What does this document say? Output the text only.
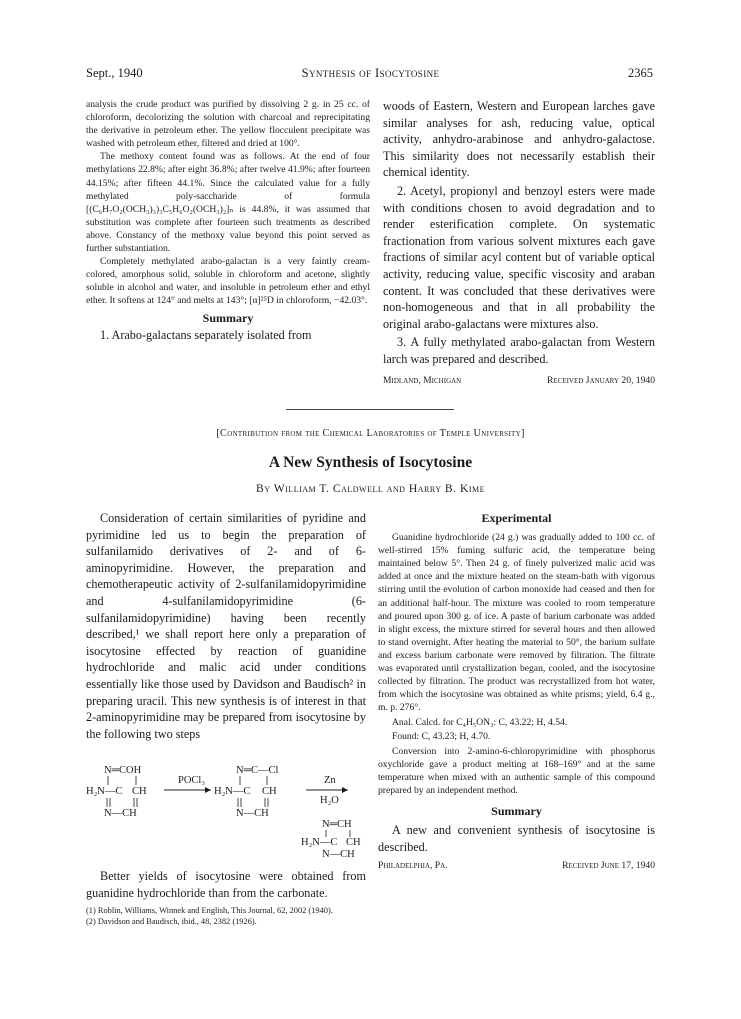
Synthesis of Isocytosine
Sept., 1940	2365

analysis the crude product was purified by dissolving 2 g. in 25 cc. of chloroform, decolorizing the solution with charcoal and reprecipitating the derivative in petroleum ether. The yellow flocculent precipitate was washed with petroleum ether, filtered and dried at 100°.

The methoxy content found was as follows. At the end of four methylations 22.8%; after eight 36.8%; after twelve 41.9%; after fourteen 44.15%; after fifteen 44.1%. Since the calculated value for a fully methylated poly-saccharide of formula [(C₆H₇O₂(OCH₃)₃)₃C₅H₆O₂(OCH₃)₂]ₙ is 44.8%, it was assumed that substitution was complete after fourteen such treatments as described above. Constancy of the methoxy value beyond this point served as further substantiation.

Completely methylated arabo-galactan is a very faintly cream-colored, amorphous solid, soluble in chloroform and acetone, slightly soluble in alcohol and water, and insoluble in petroleum ether and ethyl ether. It softens at 124° and melts at 143°; [α]²⁵D in chloroform, −42.03°.

Summary

1. Arabo-galactans separately isolated from

woods of Eastern, Western and European larches gave similar analyses for ash, reducing value, optical activity, anhydro-arabinose and anhydro-galactose. This similarity does not necessarily establish their chemical identity.

2. Acetyl, propionyl and benzoyl esters were made with conditions chosen to avoid degradation and to render esterification complete. On systematic fractionation from various solvent mixtures each gave fractions of similar acyl content but of variable optical activity, reducing value, specific viscosity and araban content. It was concluded that these derivatives were non-homogeneous and that in all probability the original arabo-galactans were mixtures also.

3. A fully methylated arabo-galactan from Western larch was prepared and described.

Midland, Michigan	Received January 20, 1940
[Contribution from the Chemical Laboratories of Temple University]
A New Synthesis of Isocytosine
By William T. Caldwell and Harry B. Kime

Consideration of certain similarities of pyridine and pyrimidine led us to begin the preparation of sulfanilamido derivatives of 2- and of 6-aminopyrimidine. However, the preparation and chemotherapeutic activity of 2-sulfanilamidopyrimidine and 4-sulfanilamidopyrimidine (6-sulfanilamidopyrimidine) having been recently described,¹ we shall report here only a preparation of isocytosine effected by reaction of guanidine hydrochloride and malic acid under conditions essentially like those used by Davidson and Baudisch² in preparing uracil. This new synthesis is of interest in that 2-aminopyrimidine may be prepared from isocytosine by the following two steps

N═COH
H₂N—C CH
N—CH
POCl₃
N═C—Cl
H₂N—C CH
N—CH
Zn
H₂O
N═CH
H₂N—C CH
N—CH

Better yields of isocytosine were obtained from guanidine hydrochloride than from the carbonate.

(1) Roblin, Williams, Winnek and English, This Journal, 62, 2002 (1940).

(2) Davidson and Baudisch, ibid., 48, 2382 (1926).

Experimental

Guanidine hydrochloride (24 g.) was gradually added to 100 cc. of well-stirred 15% fuming sulfuric acid, the temperature being maintained below 5°. Then 24 g. of finely pulverized malic acid was added at once and the mixture heated on the steam-bath with vigorous stirring until the evolution of carbon monoxide had ceased and then for an additional half-hour. The mixture was cooled to room temperature and poured upon 300 g. of ice. A paste of barium carbonate was added in slight excess, the mixture stirred for several hours and then allowed to stand overnight. After heating the material to 50°, the barium sulfate and excess barium carbonate were removed by filtration. The filtrate was evaporated until crystallization began, cooled, and the isocytosine collected by filtration. The product was recrystallized from hot water, from which the isocytosine was obtained as white prisms; yield, 6.4 g., m. p. 276°.

Anal. Calcd. for C₄H₅ON₃: C, 43.22; H, 4.54.

Found: C, 43.23; H, 4.70.

Conversion into 2-amino-6-chloropyrimidine with phosphorus oxychloride gave a product melting at 168–169° and at the same temperature when mixed with an authentic sample of this compound prepared by an independent method.

Summary

A new and convenient synthesis of isocytosine is described.

Philadelphia, Pa.	Received June 17, 1940
